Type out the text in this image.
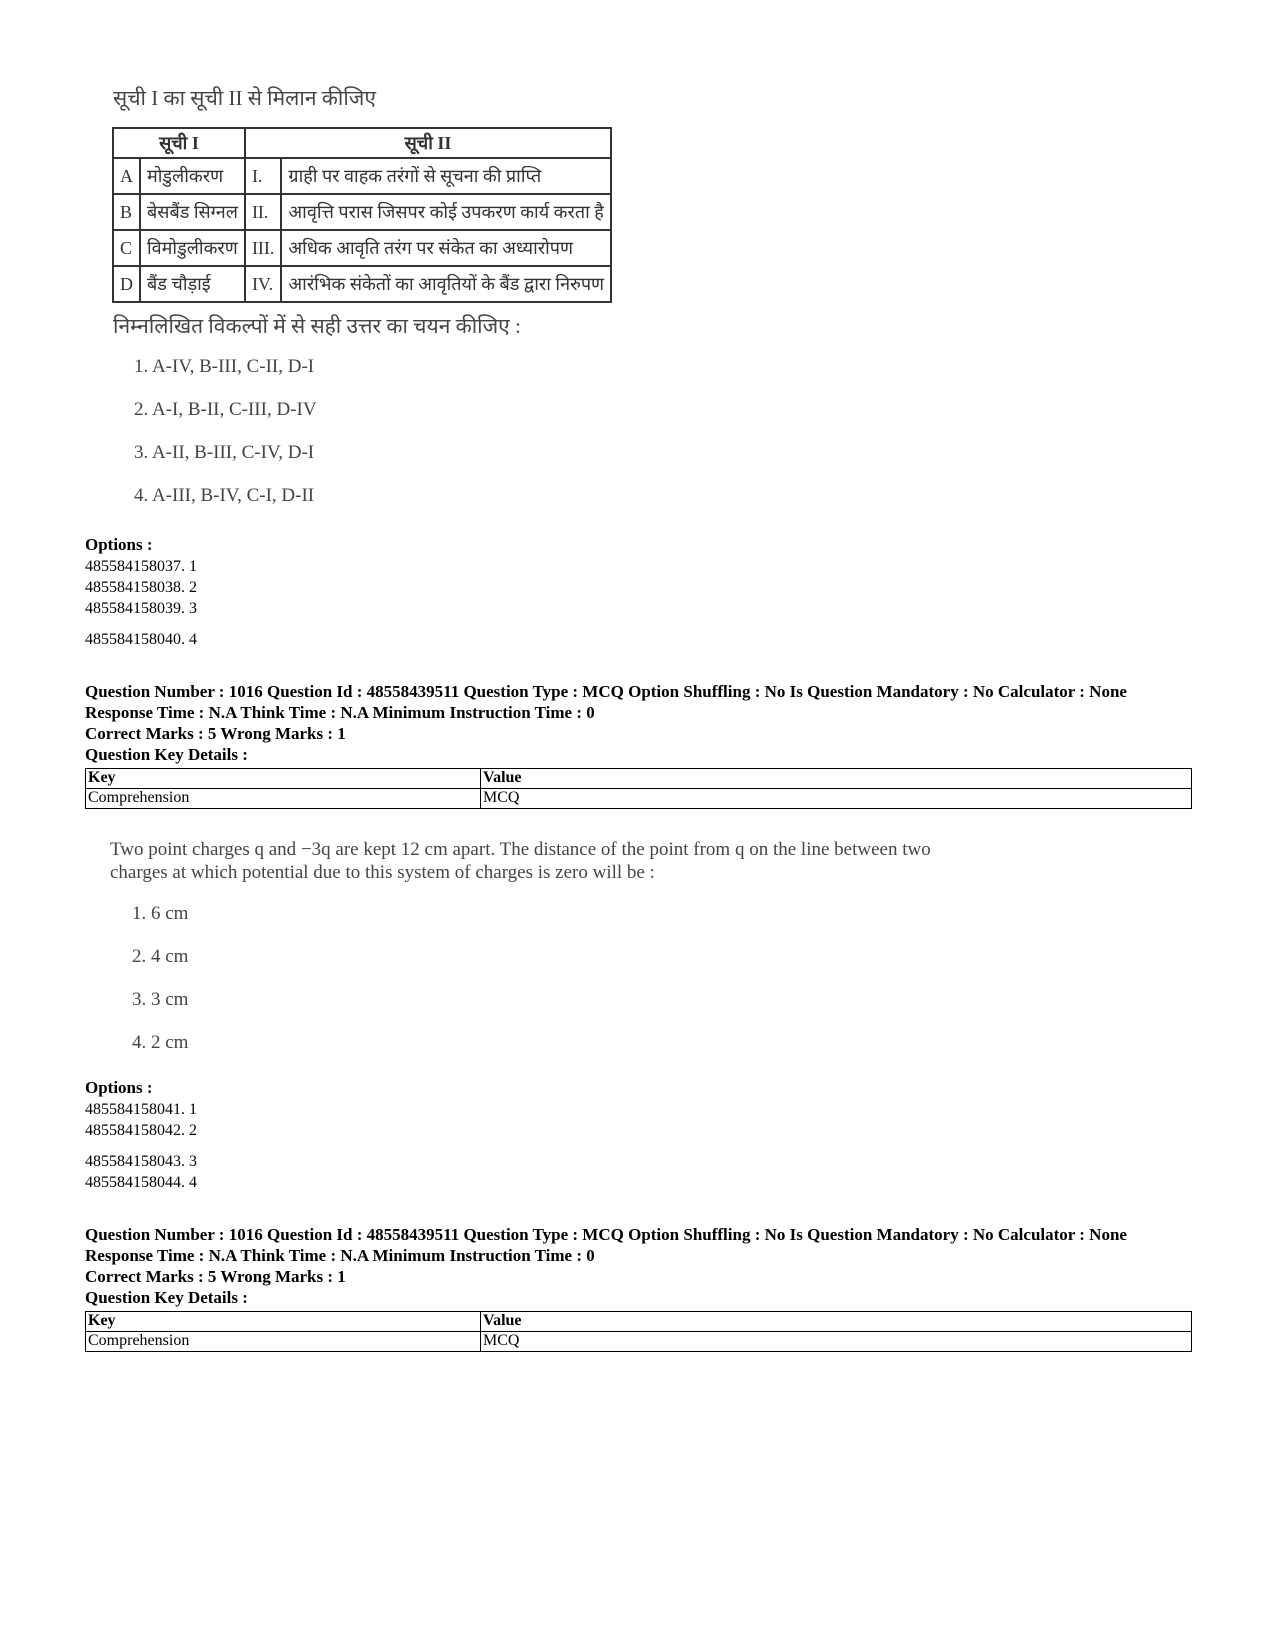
सूची I का सूची II से मिलान कीजिए
सूची I		सूची II	
A	मोडुलीकरण	I.	ग्राही पर वाहक तरंगों से सूचना की प्राप्ति
B	बेसबैंड सिग्नल	II.	आवृत्ति परास जिसपर कोई उपकरण कार्य करता है
C	विमोडुलीकरण	III.	अधिक आवृति तरंग पर संकेत का अध्यारोपण
D	बैंड चौड़ाई	IV.	आरंभिक संकेतों का आवृतियों के बैंड द्वारा निरुपण
निम्नलिखित विकल्पों में से सही उत्तर का चयन कीजिए :
1. A-IV, B-III, C-II, D-I
2. A-I, B-II, C-III, D-IV
3. A-II, B-III, C-IV, D-I
4. A-III, B-IV, C-I, D-II
Options :
485584158037. 1
485584158038. 2
485584158039. 3
485584158040. 4
Question Number : 1016 Question Id : 48558439511 Question Type : MCQ Option Shuffling : No Is Question Mandatory : No Calculator : None
Response Time : N.A Think Time : N.A Minimum Instruction Time : 0
Correct Marks : 5 Wrong Marks : 1
Question Key Details :
Key	Value
Comprehension	MCQ
Two point charges q and −3q are kept 12 cm apart. The distance of the point from q on the line between two
charges at which potential due to this system of charges is zero will be :
1. 6 cm
2. 4 cm
3. 3 cm
4. 2 cm
Options :
485584158041. 1
485584158042. 2
485584158043. 3
485584158044. 4
Question Number : 1016 Question Id : 48558439511 Question Type : MCQ Option Shuffling : No Is Question Mandatory : No Calculator : None
Response Time : N.A Think Time : N.A Minimum Instruction Time : 0
Correct Marks : 5 Wrong Marks : 1
Question Key Details :
Key	Value
Comprehension	MCQ
